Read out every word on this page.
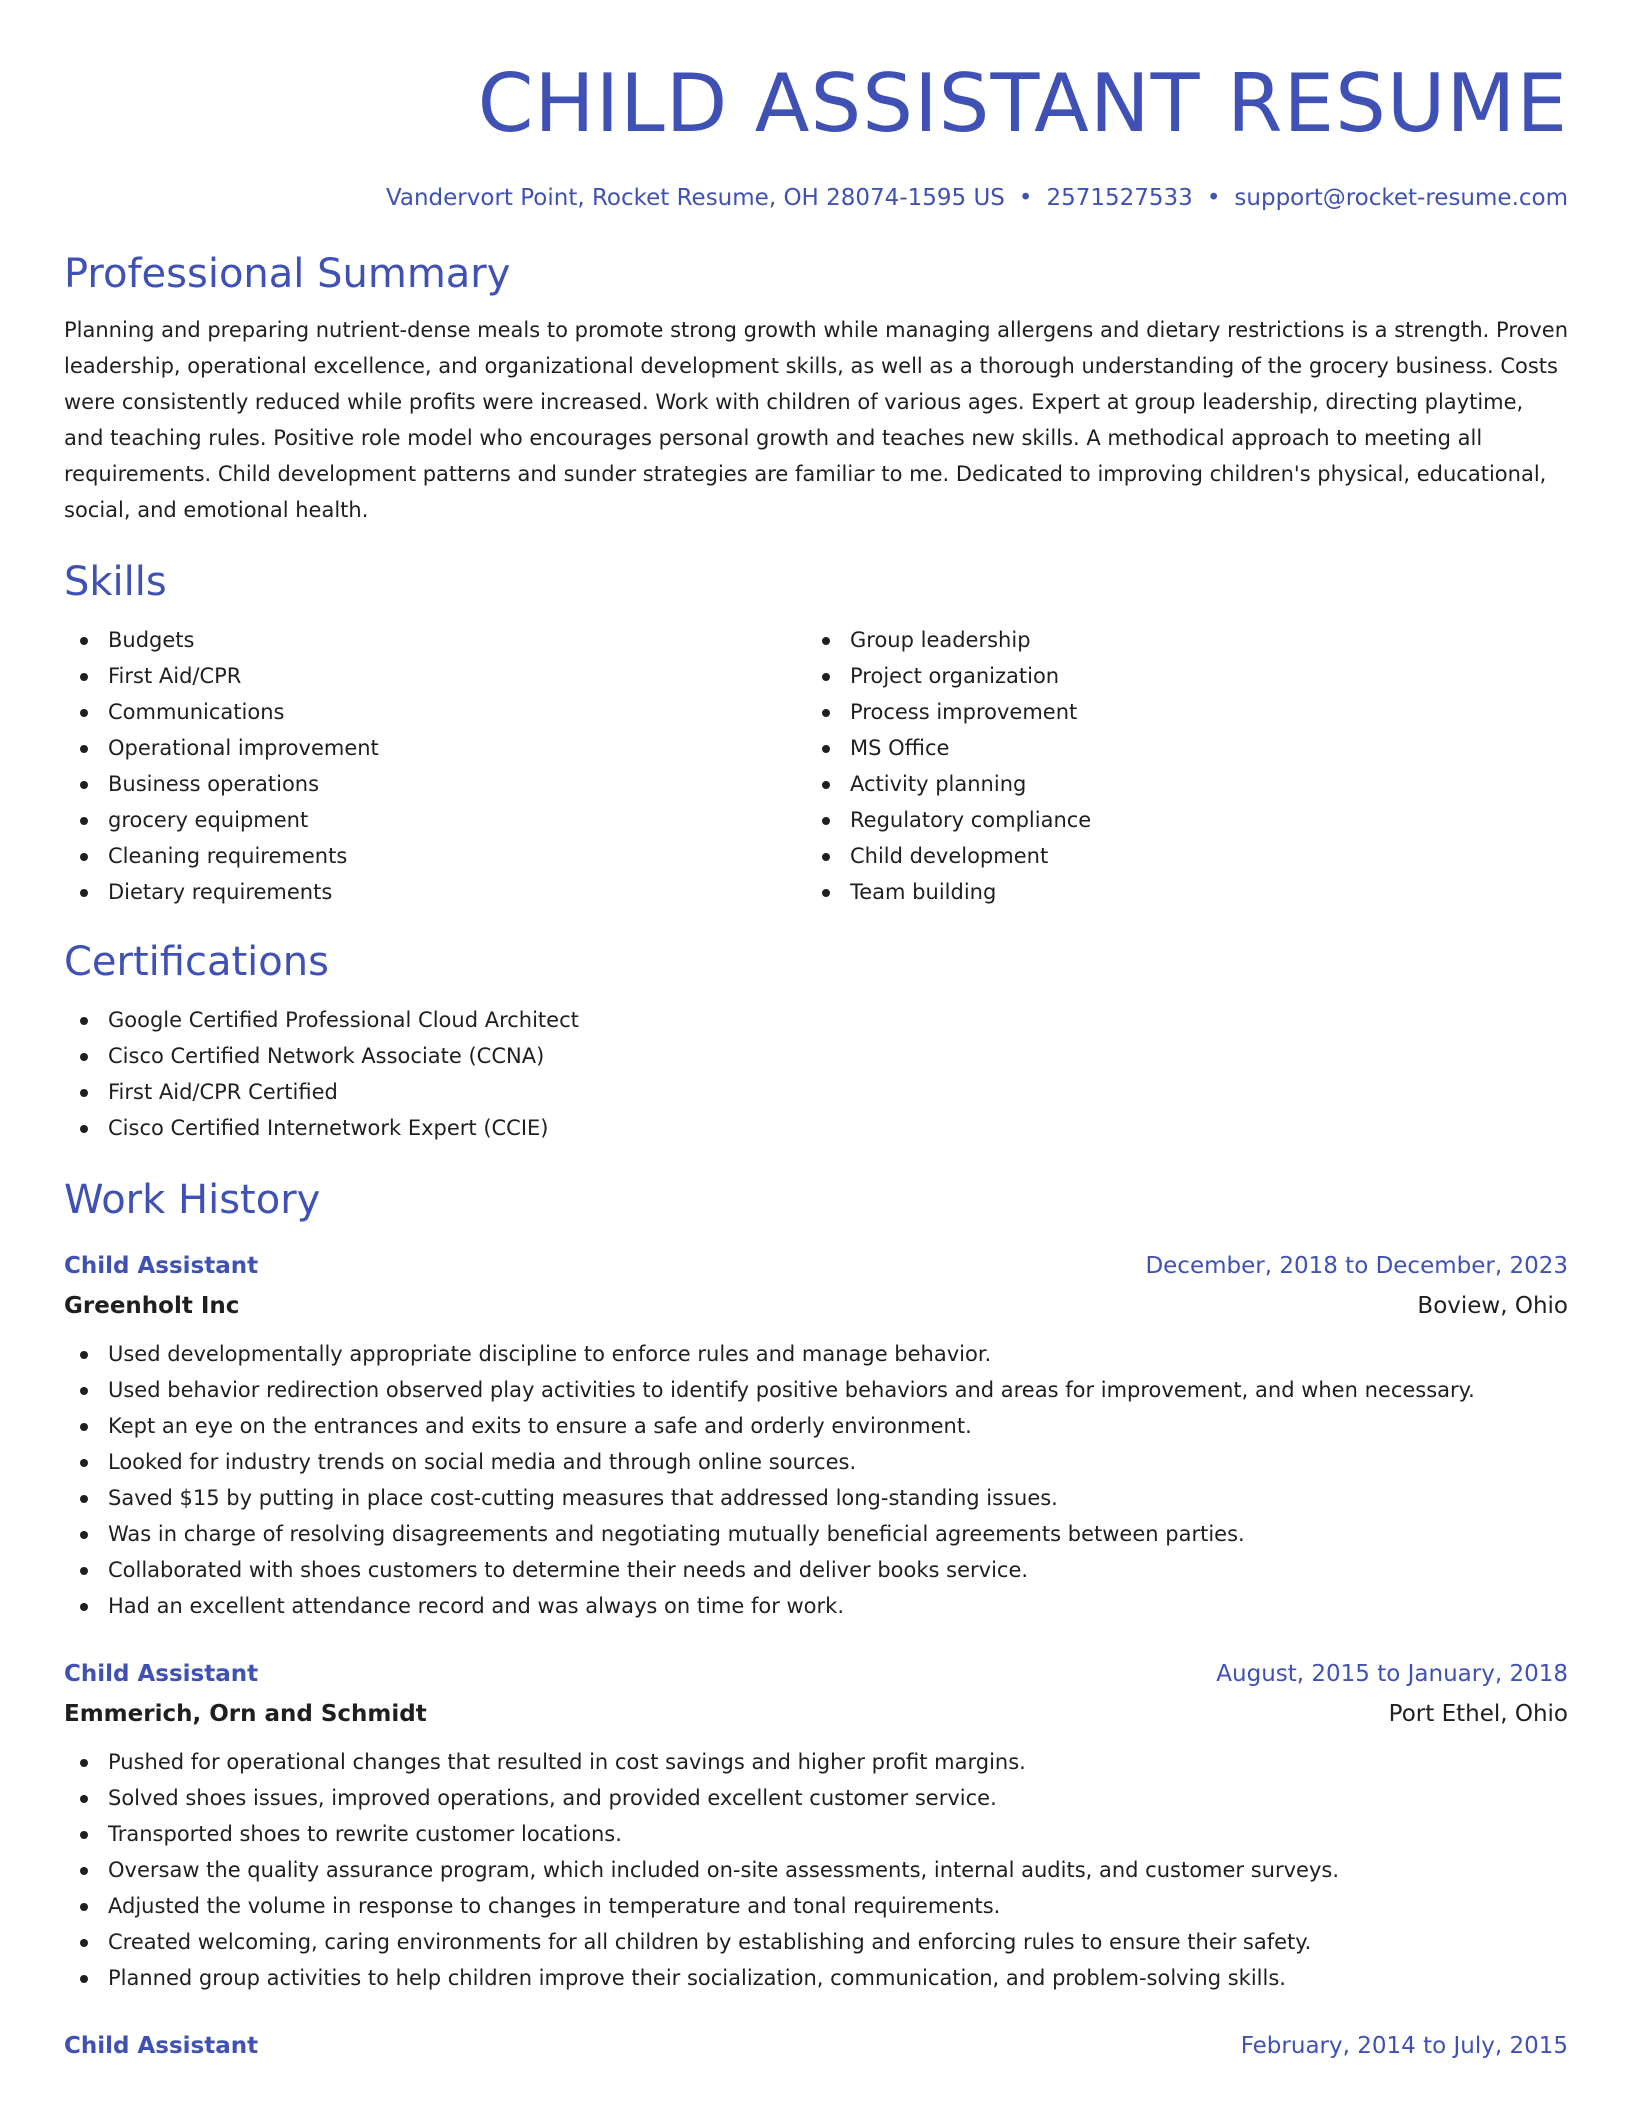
CHILD ASSISTANT RESUME
Vandervort Point, Rocket Resume, OH 28074-1595 US • 2571527533 • support@rocket-resume.com
Professional Summary
Planning and preparing nutrient-dense meals to promote strong growth while managing allergens and dietary restrictions is a strength. Proven leadership, operational excellence, and organizational development skills, as well as a thorough understanding of the grocery business. Costs were consistently reduced while profits were increased. Work with children of various ages. Expert at group leadership, directing playtime, and teaching rules. Positive role model who encourages personal growth and teaches new skills. A methodical approach to meeting all requirements. Child development patterns and sunder strategies are familiar to me. Dedicated to improving children's physical, educational, social, and emotional health.
Skills
Budgets
First Aid/CPR
Communications
Operational improvement
Business operations
grocery equipment
Cleaning requirements
Dietary requirements
Group leadership
Project organization
Process improvement
MS Office
Activity planning
Regulatory compliance
Child development
Team building
Certifications
Google Certified Professional Cloud Architect
Cisco Certified Network Associate (CCNA)
First Aid/CPR Certified
Cisco Certified Internetwork Expert (CCIE)
Work History
Child Assistant	December, 2018 to December, 2023
Greenholt Inc	Boview, Ohio
Used developmentally appropriate discipline to enforce rules and manage behavior.
Used behavior redirection observed play activities to identify positive behaviors and areas for improvement, and when necessary.
Kept an eye on the entrances and exits to ensure a safe and orderly environment.
Looked for industry trends on social media and through online sources.
Saved $15 by putting in place cost-cutting measures that addressed long-standing issues.
Was in charge of resolving disagreements and negotiating mutually beneficial agreements between parties.
Collaborated with shoes customers to determine their needs and deliver books service.
Had an excellent attendance record and was always on time for work.
Child Assistant	August, 2015 to January, 2018
Emmerich, Orn and Schmidt	Port Ethel, Ohio
Pushed for operational changes that resulted in cost savings and higher profit margins.
Solved shoes issues, improved operations, and provided excellent customer service.
Transported shoes to rewrite customer locations.
Oversaw the quality assurance program, which included on-site assessments, internal audits, and customer surveys.
Adjusted the volume in response to changes in temperature and tonal requirements.
Created welcoming, caring environments for all children by establishing and enforcing rules to ensure their safety.
Planned group activities to help children improve their socialization, communication, and problem-solving skills.
Child Assistant	February, 2014 to July, 2015
